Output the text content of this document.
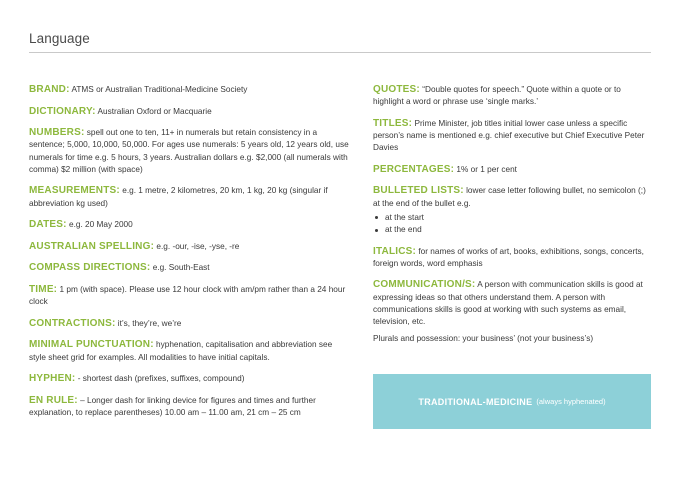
Language

BRAND: ATMS or Australian Traditional-Medicine Society

DICTIONARY: Australian Oxford or Macquarie

NUMBERS: spell out one to ten, 11+ in numerals but retain consistency in a sentence; 5,000, 10,000, 50,000. For ages use numerals: 5 years old, 12 years old, use numerals for time e.g. 5 hours, 3 years. Australian dollars e.g. $2,000 (all numerals with comma) $2 million (with space)

MEASUREMENTS: e.g. 1 metre, 2 kilometres, 20 km, 1 kg, 20 kg (singular if abbreviation kg used)

DATES: e.g. 20 May 2000

AUSTRALIAN SPELLING: e.g. -our, -ise, -yse, -re

COMPASS DIRECTIONS: e.g. South-East

TIME: 1 pm (with space). Please use 12 hour clock with am/pm rather than a 24 hour clock

CONTRACTIONS: it’s, they’re, we’re

MINIMAL PUNCTUATION: hyphenation, capitalisation and abbreviation see style sheet grid for examples. All modalities to have initial capitals.

HYPHEN: - shortest dash (prefixes, suffixes, compound)

EN RULE: – Longer dash for linking device for figures and times and further explanation, to replace parentheses) 10.00 am – 11.00 am, 21 cm – 25 cm

QUOTES: “Double quotes for speech.” Quote within a quote or to highlight a word or phrase use ‘single marks.’

TITLES: Prime Minister, job titles initial lower case unless a specific person’s name is mentioned e.g. chief executive but Chief Executive Peter Davies

PERCENTAGES: 1% or 1 per cent

BULLETED LISTS: lower case letter following bullet, no semicolon (;) at the end of the bullet e.g.
at the start
at the end

ITALICS: for names of works of art, books, exhibitions, songs, concerts, foreign words, word emphasis

COMMUNICATION/S: A person with communication skills is good at expressing ideas so that others understand them. A person with communications skills is good at working with such systems as email, television, etc.

Plurals and possession: your business’ (not your business’s)

TRADITIONAL-MEDICINE (always hyphenated)
